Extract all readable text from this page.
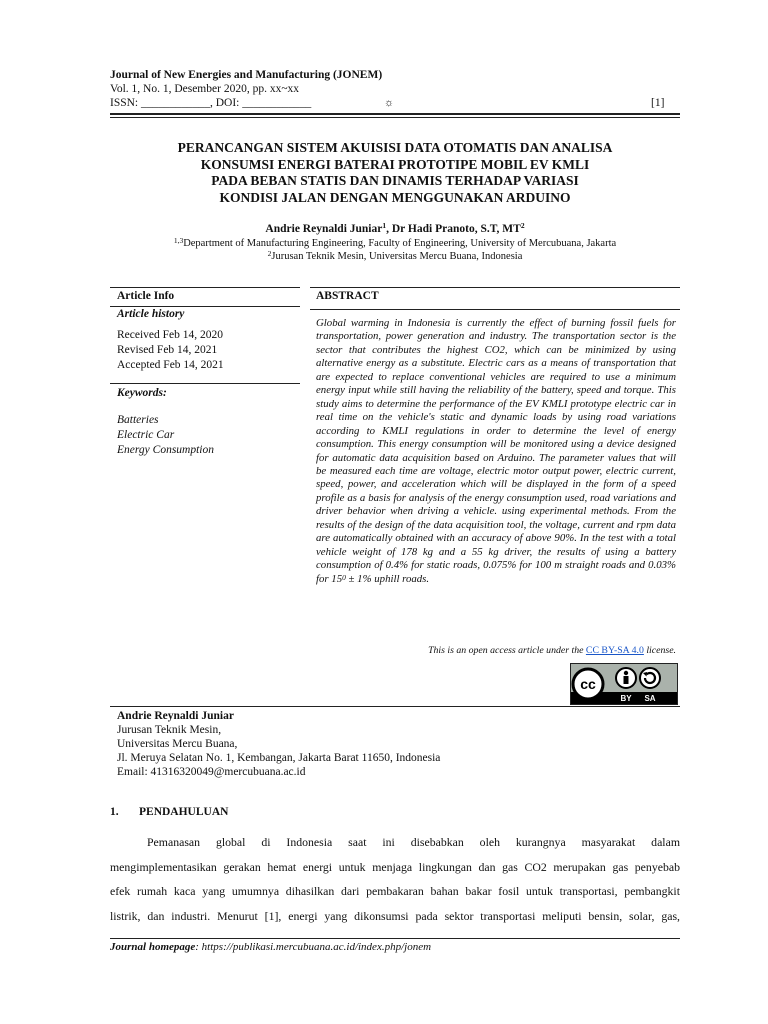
Journal of New Energies and Manufacturing (JONEM)
Vol. 1, No. 1, Desember 2020, pp. xx~xx
ISSN: ____________, DOI: ____________	☼	[1]
PERANCANGAN SISTEM AKUISISI DATA OTOMATIS DAN ANALISA
KONSUMSI ENERGI BATERAI PROTOTIPE MOBIL EV KMLI
PADA BEBAN STATIS DAN DINAMIS TERHADAP VARIASI
KONDISI JALAN DENGAN MENGGUNAKAN ARDUINO
Andrie Reynaldi Juniar$^1$, Dr Hadi Pranoto, S.T, $MT^2$
$^{1,3}$Department of Manufacturing Engineering, Faculty of Engineering, University of Mercubuana, Jakarta
$^2$Jurusan Teknik Mesin, Universitas Mercu Buana, Indonesia
Article Info
Article history
Received Feb 14, 2020
Revised Feb 14, 2021
Accepted Feb 14, 2021
Keywords:
Batteries
Electric Car
Energy Consumption
ABSTRACT
Global warming in Indonesia is currently the effect of burning fossil fuels for transportation, power generation and industry. The transportation sector is the sector that contributes the highest CO2, which can be minimized by using alternative energy as a substitute. Electric cars as a means of transportation that are expected to replace conventional vehicles are required to use a minimum energy input while still having the reliability of the battery, speed and torque. This study aims to determine the performance of the EV KMLI prototype electric car in real time on the vehicle's static and dynamic loads by using road variations according to KMLI regulations in order to determine the level of energy consumption. This energy consumption will be monitored using a device designed for automatic data acquisition based on Arduino. The parameter values that will be measured each time are voltage, electric motor output power, electric current, speed, power, and acceleration which will be displayed in the form of a speed profile as a basis for analysis of the energy consumption used, road variations and driver behavior when driving a vehicle. using experimental methods. From the results of the design of the data acquisition tool, the voltage, current and rpm data are automatically obtained with an accuracy of above 90%. In the test with a total vehicle weight of 178 kg and a 55 kg driver, the results of using a battery consumption of 0.4% for static roads, 0.075% for 100 m straight roads and 0.03% for $15^0 \pm 1\%$ uphill roads.
This is an open access article under the CC BY-SA 4.0 license.
cc
BY SA
Andrie Reynaldi Juniar
Jurusan Teknik Mesin,
Universitas Mercu Buana,
Jl. Meruya Selatan No. 1, Kembangan, Jakarta Barat 11650, Indonesia
Email: 41316320049@mercubuana.ac.id
1. PENDAHULUAN
Pemanasan global di Indonesia saat ini disebabkan oleh kurangnya masyarakat dalam
mengimplementasikan gerakan hemat energi untuk menjaga lingkungan dan gas CO2 merupakan gas penyebab
efek rumah kaca yang umumnya dihasilkan dari pembakaran bahan bakar fosil untuk transportasi, pembangkit
listrik, dan industri. Menurut [1], energi yang dikonsumsi pada sektor transportasi meliputi bensin, solar, gas,
Journal homepage: https://publikasi.mercubuana.ac.id/index.php/jonem
